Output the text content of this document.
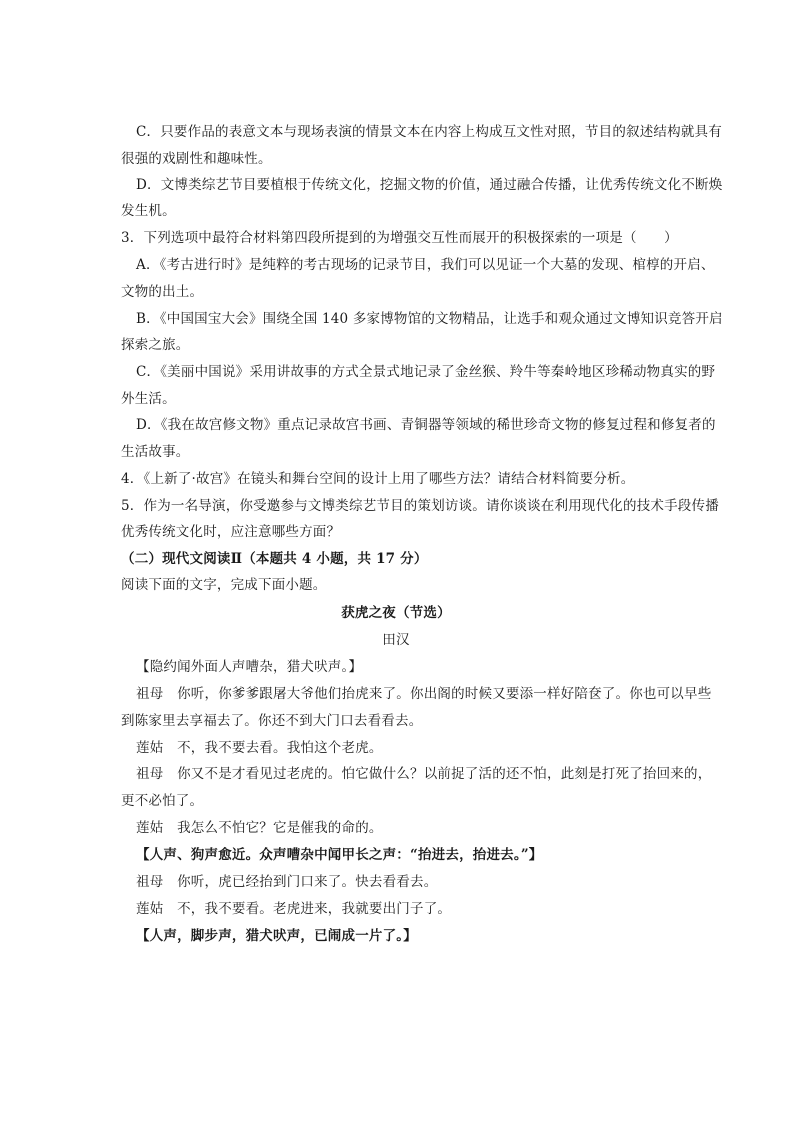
C．只要作品的表意文本与现场表演的情景文本在内容上构成互文性对照，节目的叙述结构就具有
很强的戏剧性和趣味性。
D．文博类综艺节目要植根于传统文化，挖掘文物的价值，通过融合传播，让优秀传统文化不断焕
发生机。
3．下列选项中最符合材料第四段所提到的为增强交互性而展开的积极探索的一项是（　　）
A．《考古进行时》是纯粹的考古现场的记录节目，我们可以见证一个大墓的发现、棺椁的开启、
文物的出土。
B．《中国国宝大会》围绕全国 140 多家博物馆的文物精品，让选手和观众通过文博知识竞答开启
探索之旅。
C．《美丽中国说》采用讲故事的方式全景式地记录了金丝猴、羚牛等秦岭地区珍稀动物真实的野
外生活。
D．《我在故宫修文物》重点记录故宫书画、青铜器等领域的稀世珍奇文物的修复过程和修复者的
生活故事。
4．《上新了·故宫》在镜头和舞台空间的设计上用了哪些方法？请结合材料简要分析。
5．作为一名导演，你受邀参与文博类综艺节目的策划访谈。请你谈谈在利用现代化的技术手段传播
优秀传统文化时，应注意哪些方面？
（二）现代文阅读Ⅱ（本题共 4 小题，共 17 分）
阅读下面的文字，完成下面小题。
获虎之夜（节选）
田汉
【隐约闻外面人声嘈杂，猎犬吠声。】
祖母　你听，你爹爹跟屠大爷他们抬虎来了。你出阁的时候又要添一样好陪奁了。你也可以早些
到陈家里去享福去了。你还不到大门口去看看去。
莲姑　不，我不要去看。我怕这个老虎。
祖母　你又不是才看见过老虎的。怕它做什么？以前捉了活的还不怕，此刻是打死了抬回来的，
更不必怕了。
莲姑　我怎么不怕它？它是催我的命的。
【人声、狗声愈近。众声嘈杂中闻甲长之声：“抬进去，抬进去。”】
祖母　你听，虎已经抬到门口来了。快去看看去。
莲姑　不，我不要看。老虎进来，我就要出门子了。
【人声，脚步声，猎犬吠声，已闹成一片了。】
